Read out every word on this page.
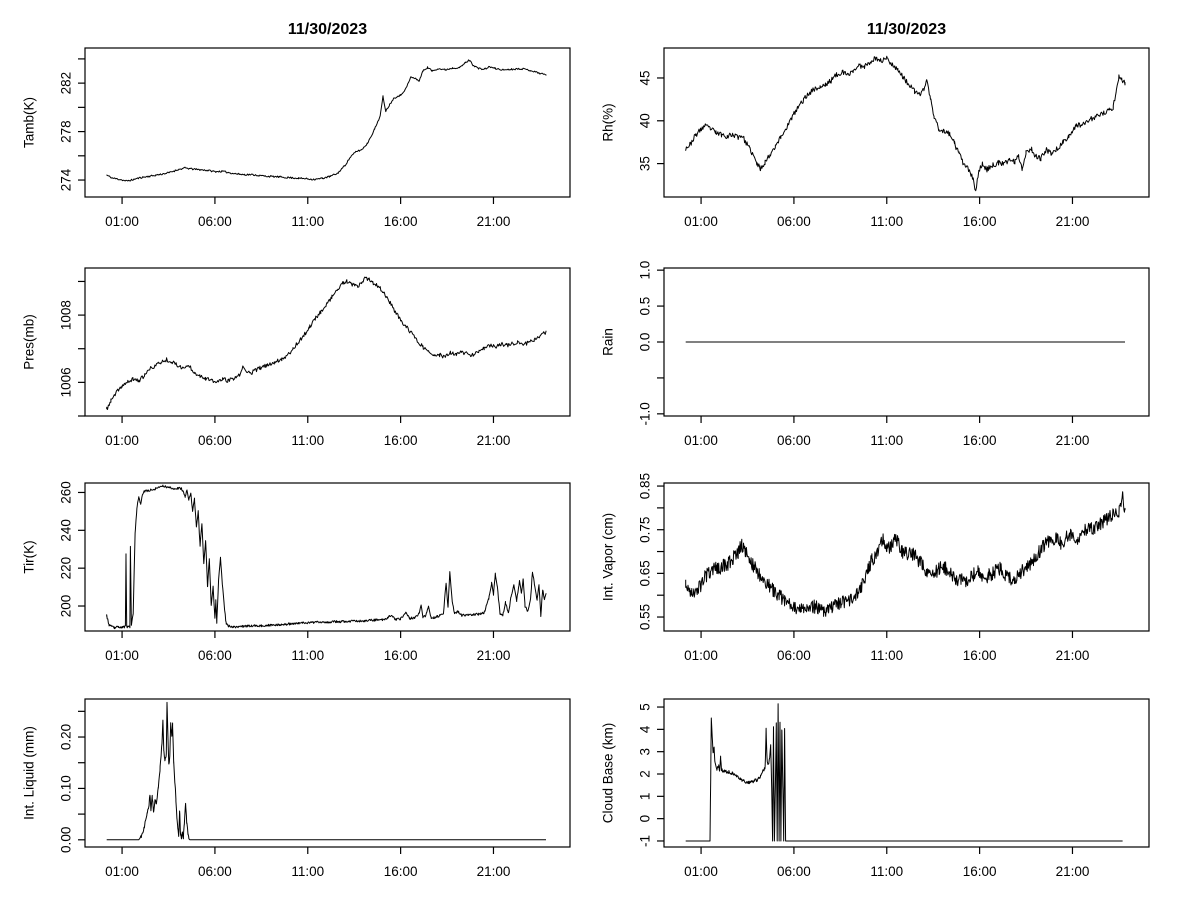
274
278
282
01:00	06:00	11:00	16:00	21:00
Tamb(K)
11/30/2023
35
40
45
01:00	06:00	11:00	16:00	21:00
Rh(%)
11/30/2023
1006
1008
01:00	06:00	11:00	16:00	21:00
Pres(mb)
-1.0
0.0
0.5
1.0
01:00	06:00	11:00	16:00	21:00
Rain
200
220
240
260
01:00	06:00	11:00	16:00	21:00
Tir(K)
0.55
0.65
0.75
0.85
01:00	06:00	11:00	16:00	21:00
Int. Vapor (cm)
0.00
0.10
0.20
01:00	06:00	11:00	16:00	21:00
Int. Liquid (mm)
-1
0
1
2
3
4
5
01:00	06:00	11:00	16:00	21:00
Cloud Base (km)
